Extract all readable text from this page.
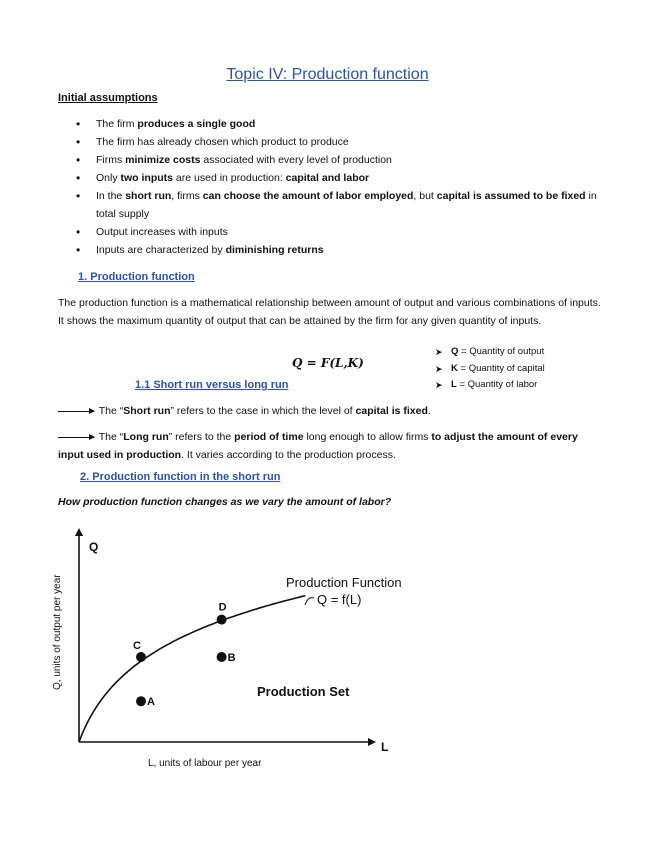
Topic IV: Production function
Initial assumptions
• The firm produces a single good
• The firm has already chosen which product to produce
• Firms minimize costs associated with every level of production
• Only two inputs are used in production: capital and labor
• In the short run, firms can choose the amount of labor employed, but capital is assumed to be fixed in total supply
• Output increases with inputs
• Inputs are characterized by diminishing returns
1. Production function

The production function is a mathematical relationship between amount of output and various combinations of inputs. It shows the maximum quantity of output that can be attained by the firm for any given quantity of inputs.

Q = F(L,K)
➤ Q = Quantity of output
➤ K = Quantity of capital
➤ L = Quantity of labor
1.1 Short run versus long run

The “Short run” refers to the case in which the level of capital is fixed.

The “Long run” refers to the period of time long enough to allow firms to adjust the amount of every input used in production. It varies according to the production process.

2. Production function in the short run
How production function changes as we vary the amount of labor?
Q
L
L, units of labour per year
Q, units of output per year	Production Function
Q = f(L)
Production Set
A
B
C
D
